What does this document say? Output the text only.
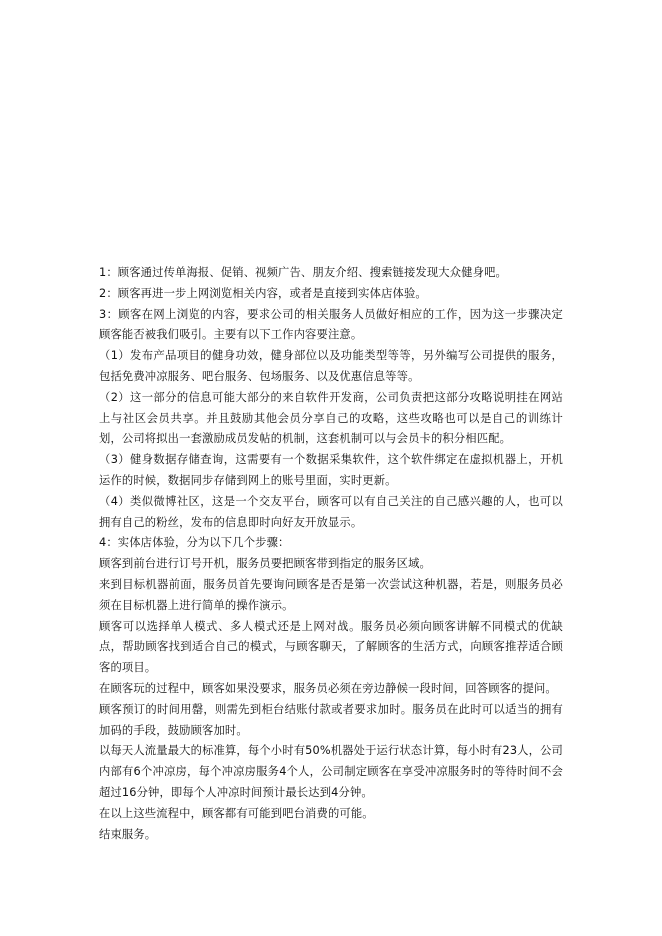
1：顾客通过传单海报、促销、视频广告、朋友介绍、搜索链接发现大众健身吧。

2：顾客再进一步上网浏览相关内容，或者是直接到实体店体验。

3：顾客在网上浏览的内容，要求公司的相关服务人员做好相应的工作，因为这一步骤决定顾客能否被我们吸引。主要有以下工作内容要注意。

（1）发布产品项目的健身功效，健身部位以及功能类型等等，另外编写公司提供的服务，包括免费冲凉服务、吧台服务、包场服务、以及优惠信息等等。

（2）这一部分的信息可能大部分的来自软件开发商，公司负责把这部分攻略说明挂在网站上与社区会员共享。并且鼓励其他会员分享自己的攻略，这些攻略也可以是自己的训练计划，公司将拟出一套激励成员发帖的机制，这套机制可以与会员卡的积分相匹配。

（3）健身数据存储查询，这需要有一个数据采集软件，这个软件绑定在虚拟机器上，开机运作的时候，数据同步存储到网上的账号里面，实时更新。

（4）类似微博社区，这是一个交友平台，顾客可以有自己关注的自己感兴趣的人，也可以拥有自己的粉丝，发布的信息即时向好友开放显示。

4：实体店体验，分为以下几个步骤：

顾客到前台进行订号开机，服务员要把顾客带到指定的服务区域。

来到目标机器前面，服务员首先要询问顾客是否是第一次尝试这种机器，若是，则服务员必须在目标机器上进行简单的操作演示。

顾客可以选择单人模式、多人模式还是上网对战。服务员必须向顾客讲解不同模式的优缺点，帮助顾客找到适合自己的模式，与顾客聊天，了解顾客的生活方式，向顾客推荐适合顾客的项目。

在顾客玩的过程中，顾客如果没要求，服务员必须在旁边静候一段时间，回答顾客的提问。

顾客预订的时间用罄，则需先到柜台结账付款或者要求加时。服务员在此时可以适当的拥有加码的手段，鼓励顾客加时。

以每天人流量最大的标准算，每个小时有50%机器处于运行状态计算，每小时有23人，公司内部有6个冲凉房，每个冲凉房服务4个人，公司制定顾客在享受冲凉服务时的等待时间不会超过16分钟，即每个人冲凉时间预计最长达到4分钟。

在以上这些流程中，顾客都有可能到吧台消费的可能。

结束服务。
